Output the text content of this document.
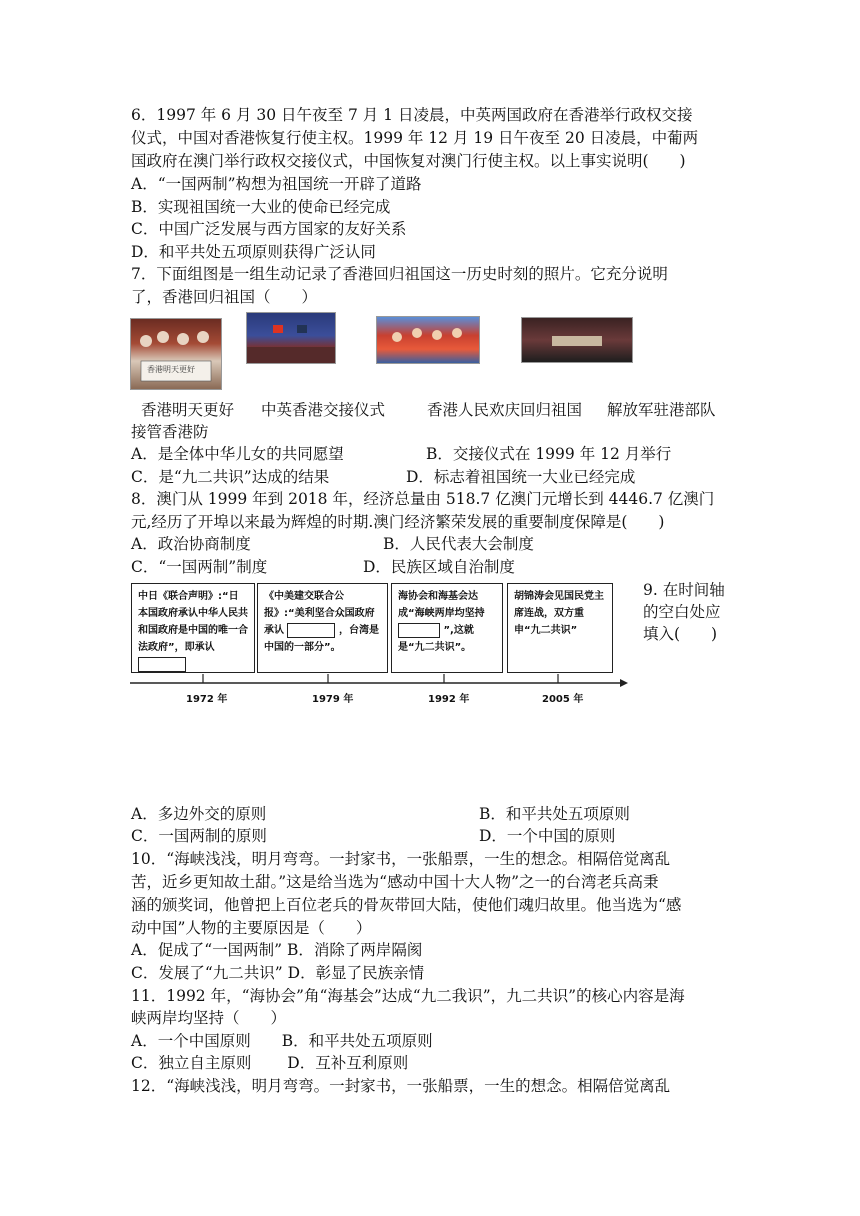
6．1997 年 6 月 30 日午夜至 7 月 1 日凌晨，中英两国政府在香港举行政权交接
仪式，中国对香港恢复行使主权。1999 年 12 月 19 日午夜至 20 日凌晨，中葡两
国政府在澳门举行政权交接仪式，中国恢复对澳门行使主权。以上事实说明(　　)
A．“一国两制”构想为祖国统一开辟了道路
B．实现祖国统一大业的使命已经完成
C．中国广泛发展与西方国家的友好关系
D．和平共处五项原则获得广泛认同
7．下面组图是一组生动记录了香港回归祖国这一历史时刻的照片。它充分说明
了，香港回归祖国（　　）
香港明天更好
香港明天更好 中英香港交接仪式	香港人民欢庆回归祖国 解放军驻港部队
接管香港防
A．是全体中华儿女的共同愿望	B．交接仪式在 1999 年 12 月举行
C．是“九二共识”达成的结果	D．标志着祖国统一大业已经完成
8．澳门从 1999 年到 2018 年，经济总量由 518.7 亿澳门元增长到 4446.7 亿澳门
元,经历了开埠以来最为辉煌的时期.澳门经济繁荣发展的重要制度保障是(　　)
A．政治协商制度	B．人民代表大会制度
C．“一国两制”制度	D．民族区域自治制度
中日《联合声明》:“日本国政府承认中华人民共和国政府是中国的唯一合法政府”，即承认
《中美建交联合公报》:“美利坚合众国政府承认	，台湾是中国的一部分”。
海协会和海基会达成“海峡两岸均坚持  ”,这就是“九二共识”。
胡锦涛会见国民党主席连战，双方重申“九二共识”
1972 年	1979 年	1992 年	2005 年
9. 在时间轴
的空白处应
填入(　　)
A．多边外交的原则	B．和平共处五项原则
C．一国两制的原则	D．一个中国的原则
10．“海峡浅浅，明月弯弯。一封家书，一张船票，一生的想念。相隔倍觉离乱
苦，近乡更知故土甜。”这是给当选为“感动中国十大人物”之一的台湾老兵高秉
涵的颁奖词，他曾把上百位老兵的骨灰带回大陆，使他们魂归故里。他当选为“感
动中国”人物的主要原因是（　　）
A．促成了“一国两制” B．消除了两岸隔阂
C．发展了“九二共识” D．彰显了民族亲情
11．1992 年，“海协会”角“海基会”达成“九二我识”，九二共识”的核心内容是海
峡两岸均坚持（　　）
A．一个中国原则　　B．和平共处五项原则
C．独立自主原则　　 D．互补互利原则
12．“海峡浅浅，明月弯弯。一封家书，一张船票，一生的想念。相隔倍觉离乱
